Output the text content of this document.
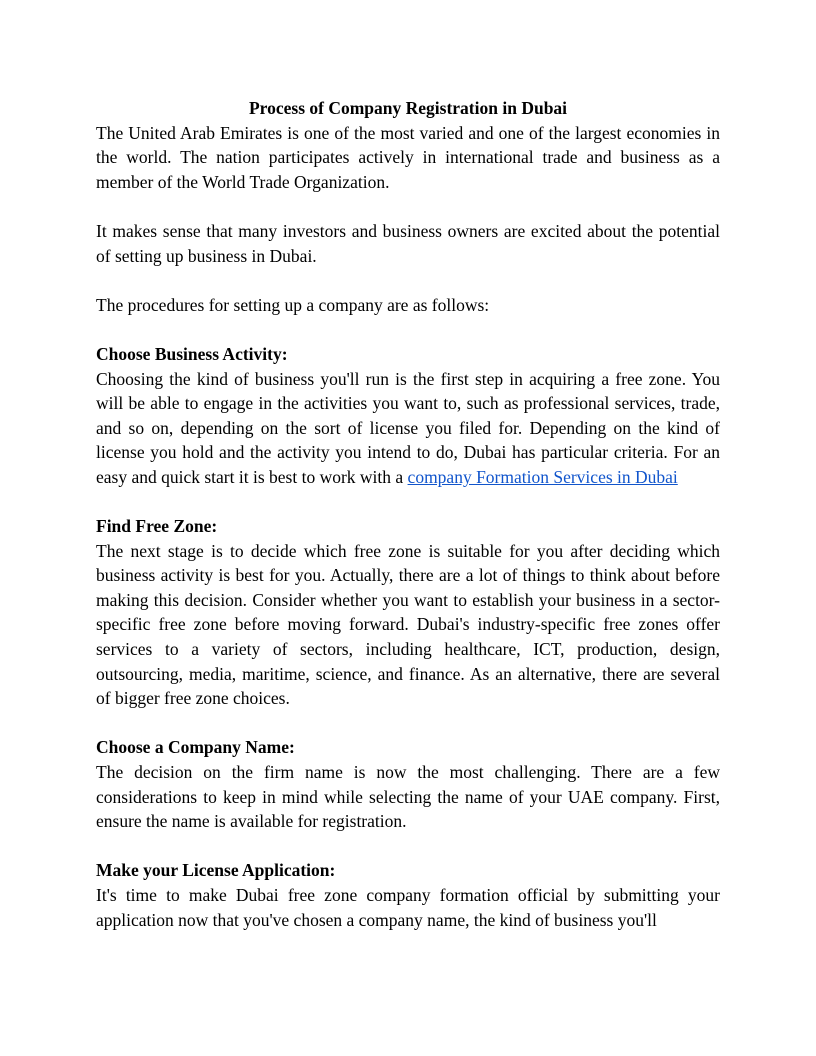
Process of Company Registration in Dubai

The United Arab Emirates is one of the most varied and one of the largest economies in the world. The nation participates actively in international trade and business as a member of the World Trade Organization.

It makes sense that many investors and business owners are excited about the potential of setting up business in Dubai.

The procedures for setting up a company are as follows:

Choose Business Activity:

Choosing the kind of business you'll run is the first step in acquiring a free zone. You will be able to engage in the activities you want to, such as professional services, trade, and so on, depending on the sort of license you filed for. Depending on the kind of license you hold and the activity you intend to do, Dubai has particular criteria. For an easy and quick start it is best to work with a company Formation Services in Dubai

Find Free Zone:

The next stage is to decide which free zone is suitable for you after deciding which business activity is best for you. Actually, there are a lot of things to think about before making this decision. Consider whether you want to establish your business in a sector-specific free zone before moving forward. Dubai's industry-specific free zones offer services to a variety of sectors, including healthcare, ICT, production, design, outsourcing, media, maritime, science, and finance. As an alternative, there are several of bigger free zone choices.

Choose a Company Name:

The decision on the firm name is now the most challenging. There are a few considerations to keep in mind while selecting the name of your UAE company. First, ensure the name is available for registration.

Make your License Application:

It's time to make Dubai free zone company formation official by submitting your application now that you've chosen a company name, the kind of business you'll
